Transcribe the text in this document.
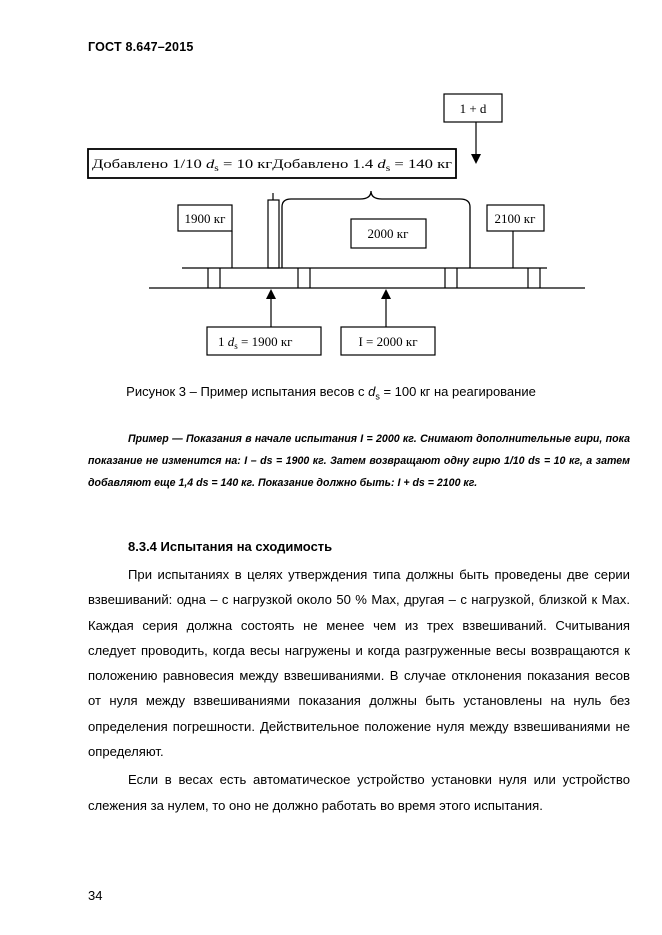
ГОСТ 8.647–2015
1 + d
Добавлено 1/10 d $_s$ = 10 кг Добавлено 1.4 d $_s$ = 140 кг
1900 кг	2100 кг
2000 кг
1 $d_s = 1900$ кг	I = 2000 кг
Рисунок 3 – Пример испытания весов с $d_s = 100$ кг на реагирование

Пример — Показания в начале испытания I = 2000 кг. Снимают дополнительные гири, пока показание не изменится на: I – ds = 1900 кг. Затем возвращают одну гирю 1/10 ds = 10 кг, а затем добавляют еще 1,4 ds = 140 кг. Показание должно быть: I + ds = 2100 кг.

8.3.4 Испытания на сходимость

При испытаниях в целях утверждения типа должны быть проведены две серии взвешиваний: одна – с нагрузкой около 50 % Max, другая – с нагрузкой, близкой к Max. Каждая серия должна состоять не менее чем из трех взвешиваний. Считывания следует проводить, когда весы нагружены и когда разгруженные весы возвращаются к положению равновесия между взвешиваниями. В случае отклонения показания весов от нуля между взвешиваниями показания должны быть установлены на нуль без определения погрешности. Действительное положение нуля между взвешиваниями не определяют.

Если в весах есть автоматическое устройство установки нуля или устройство слежения за нулем, то оно не должно работать во время этого испытания.

34
